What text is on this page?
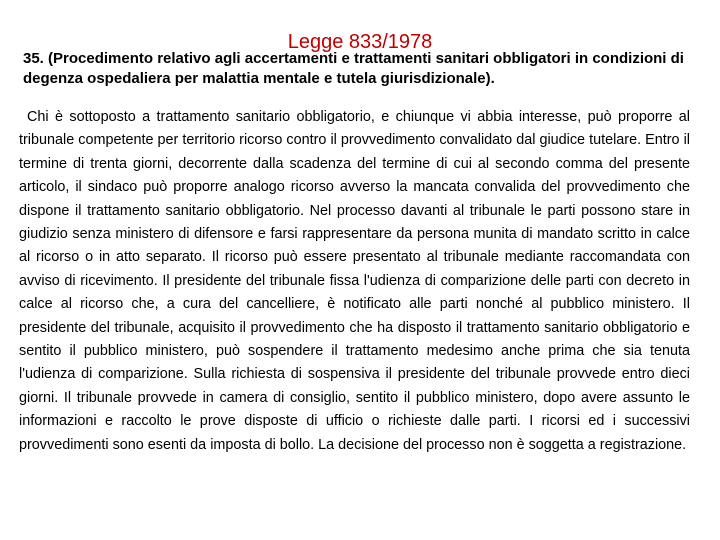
Legge 833/1978
35. (Procedimento relativo agli accertamenti e trattamenti sanitari obbligatori in condizioni di degenza ospedaliera per malattia mentale e tutela giurisdizionale).

Chi è sottoposto a trattamento sanitario obbligatorio, e chiunque vi abbia interesse, può proporre al tribunale competente per territorio ricorso contro il provvedimento convalidato dal giudice tutelare. Entro il termine di trenta giorni, decorrente dalla scadenza del termine di cui al secondo comma del presente articolo, il sindaco può proporre analogo ricorso avverso la mancata convalida del provvedimento che dispone il trattamento sanitario obbligatorio. Nel processo davanti al tribunale le parti possono stare in giudizio senza ministero di difensore e farsi rappresentare da persona munita di mandato scritto in calce al ricorso o in atto separato. Il ricorso può essere presentato al tribunale mediante raccomandata con avviso di ricevimento. Il presidente del tribunale fissa l'udienza di comparizione delle parti con decreto in calce al ricorso che, a cura del cancelliere, è notificato alle parti nonché al pubblico ministero. Il presidente del tribunale, acquisito il provvedimento che ha disposto il trattamento sanitario obbligatorio e sentito il pubblico ministero, può sospendere il trattamento medesimo anche prima che sia tenuta l'udienza di comparizione. Sulla richiesta di sospensiva il presidente del tribunale provvede entro dieci giorni. Il tribunale provvede in camera di consiglio, sentito il pubblico ministero, dopo avere assunto le informazioni e raccolto le prove disposte di ufficio o richieste dalle parti. I ricorsi ed i successivi provvedimenti sono esenti da imposta di bollo. La decisione del processo non è soggetta a registrazione.
